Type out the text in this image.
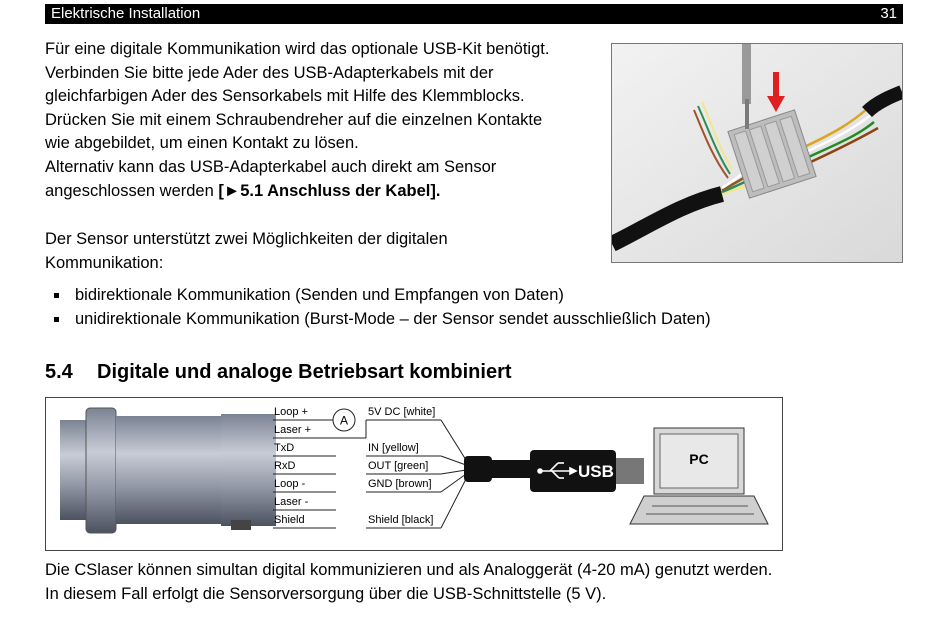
Elektrische Installation	31
Für eine digitale Kommunikation wird das optionale USB-Kit benötigt.
Verbinden Sie bitte jede Ader des USB-Adapterkabels mit der
gleichfarbigen Ader des Sensorkabels mit Hilfe des Klemmblocks.
Drücken Sie mit einem Schraubendreher auf die einzelnen Kontakte
wie abgebildet, um einen Kontakt zu lösen.
Alternativ kann das USB-Adapterkabel auch direkt am Sensor
angeschlossen werden [►5.1 Anschluss der Kabel].
Der Sensor unterstützt zwei Möglichkeiten der digitalen
Kommunikation:
bidirektionale Kommunikation (Senden und Empfangen von Daten)
unidirektionale Kommunikation (Burst-Mode – der Sensor sendet ausschließlich Daten)
5.4 Digitale und analoge Betriebsart kombiniert
A
Loop +
Laser +
TxD
RxD
Loop -
Laser -
Shield
5V DC [white]
IN [yellow]
OUT [green]
GND [brown]
Shield [black]
USB
PC
Die CSlaser können simultan digital kommunizieren und als Analoggerät (4-20 mA) genutzt werden.
In diesem Fall erfolgt die Sensorversorgung über die USB-Schnittstelle (5 V).
